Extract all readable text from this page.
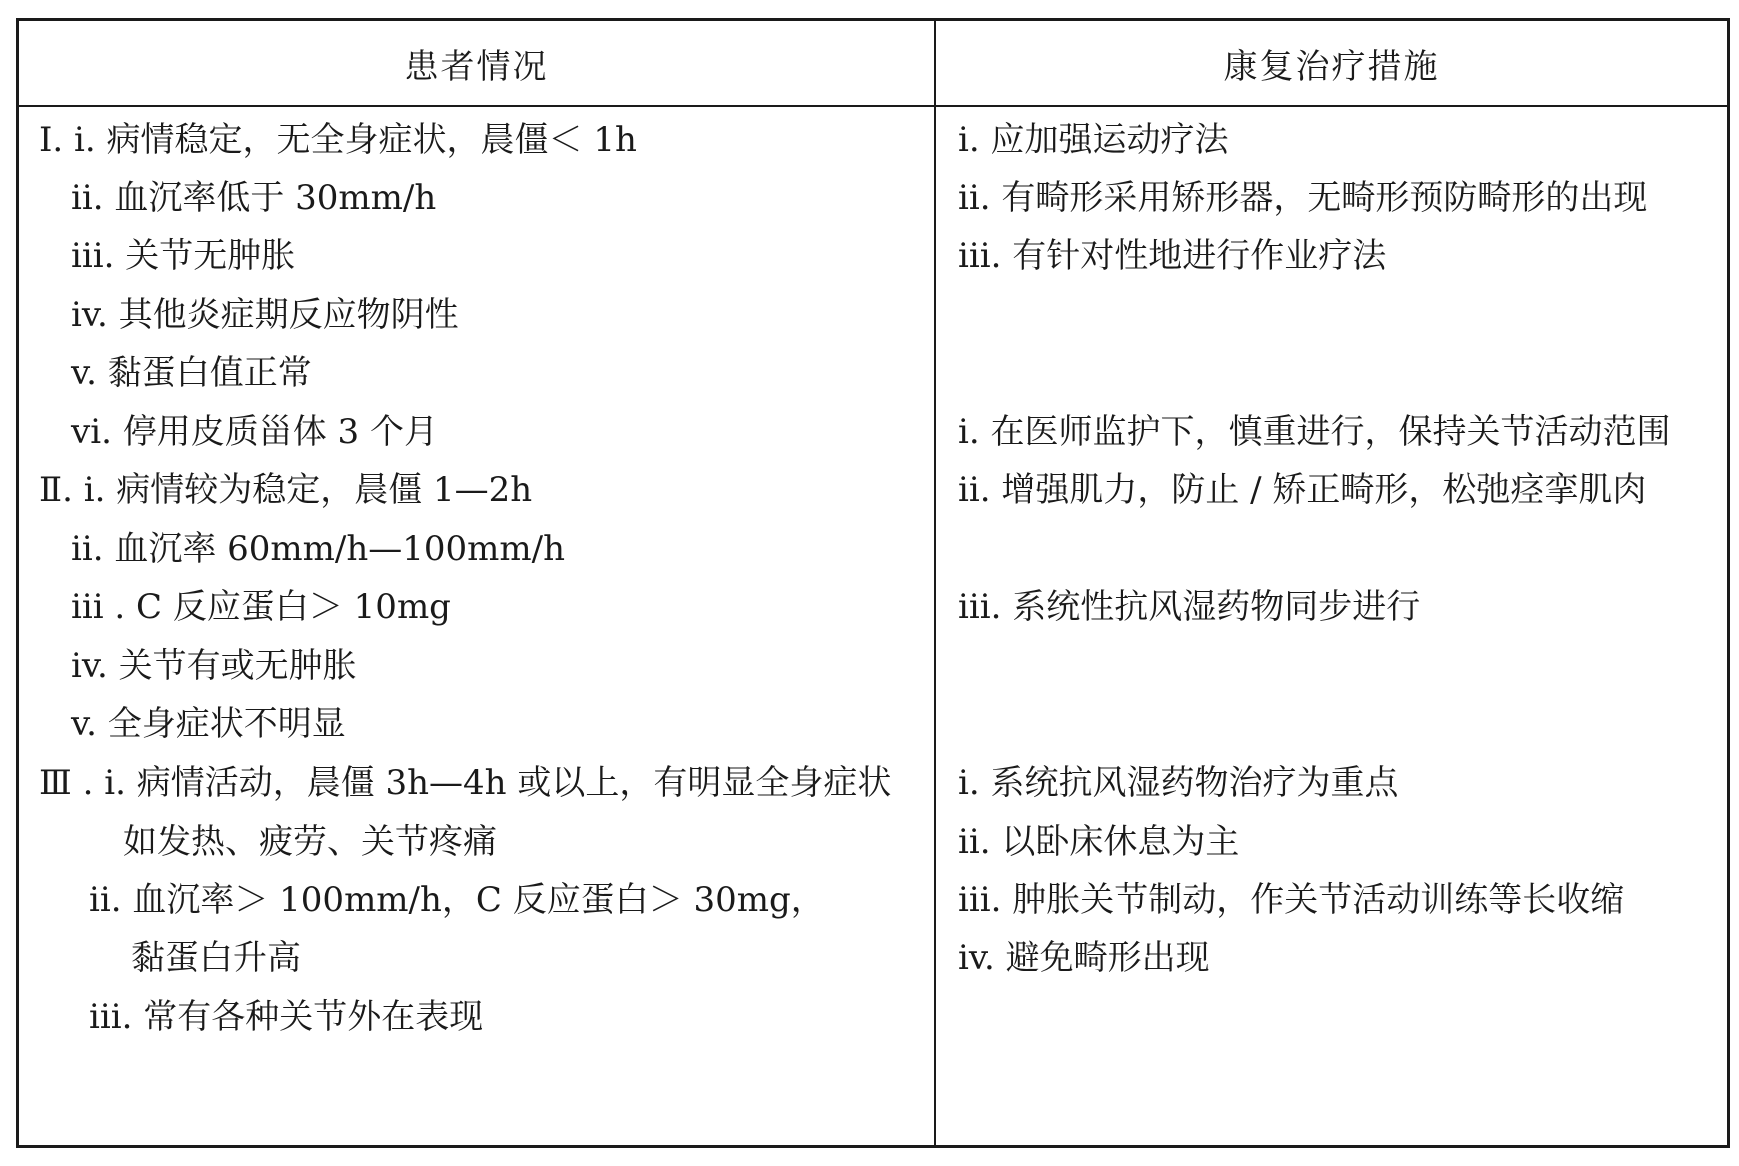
患者情况	康复治疗措施
Ⅰ. i. 病情稳定，无全身症状，晨僵＜ 1h
ii. 血沉率低于 30mm/h
iii. 关节无肿胀
iv. 其他炎症期反应物阴性
v. 黏蛋白值正常
vi. 停用皮质甾体 3 个月
Ⅱ. i. 病情较为稳定，晨僵 1—2h
ii. 血沉率 60mm/h—100mm/h
iii . C 反应蛋白＞ 10mg
iv. 关节有或无肿胀
v. 全身症状不明显
Ⅲ . i. 病情活动，晨僵 3h—4h 或以上，有明显全身症状
如发热、疲劳、关节疼痛
ii. 血沉率＞ 100mm/h，C 反应蛋白＞ 30mg，
黏蛋白升高
iii. 常有各种关节外在表现
i. 应加强运动疗法
ii. 有畸形采用矫形器，无畸形预防畸形的出现
iii. 有针对性地进行作业疗法
i. 在医师监护下，慎重进行，保持关节活动范围
ii. 增强肌力，防止 / 矫正畸形，松弛痉挛肌肉
iii. 系统性抗风湿药物同步进行
i. 系统抗风湿药物治疗为重点
ii. 以卧床休息为主
iii. 肿胀关节制动，作关节活动训练等长收缩
iv. 避免畸形出现
